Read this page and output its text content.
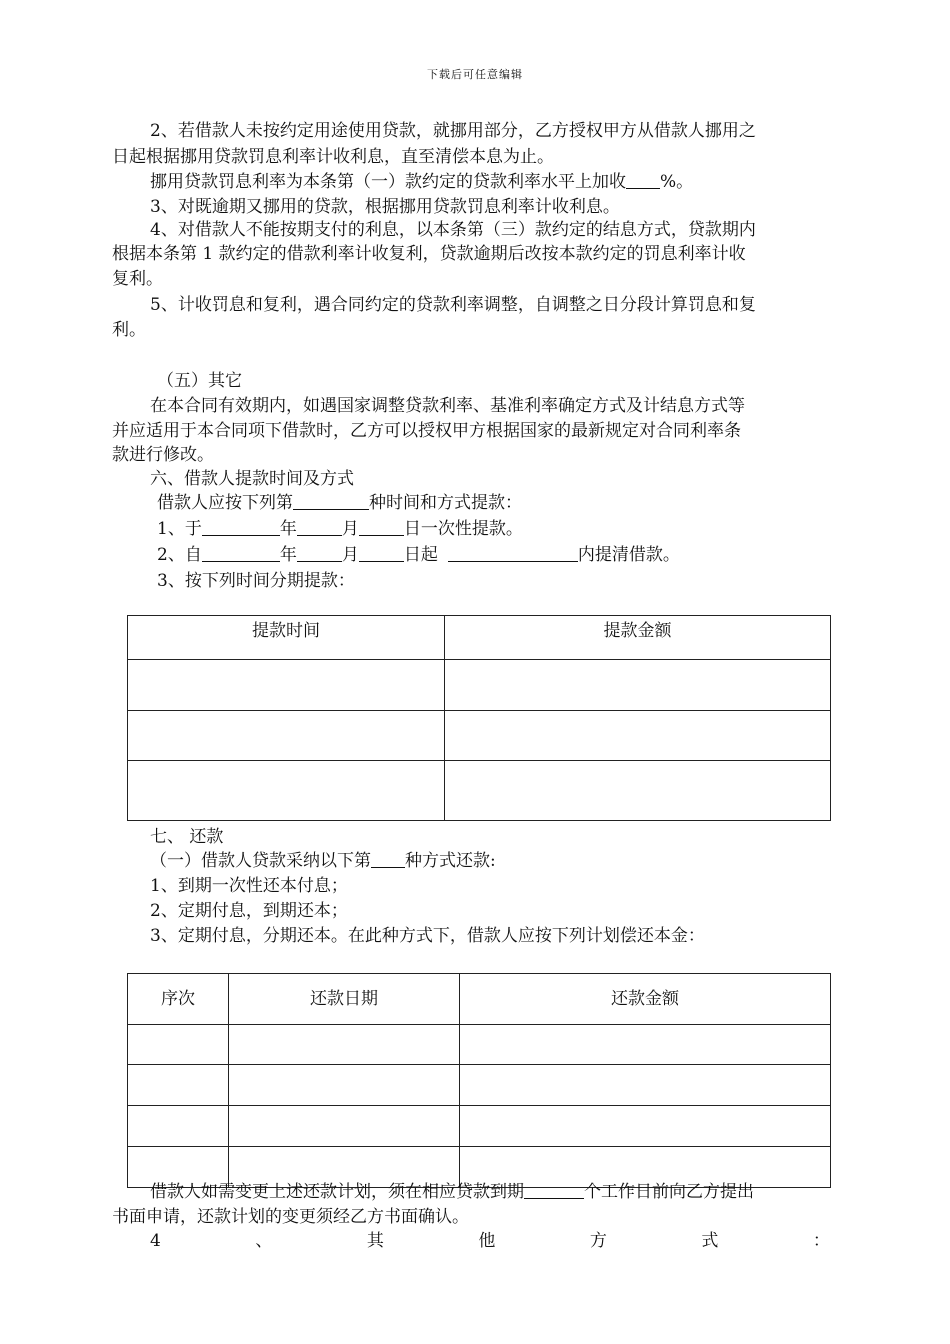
下载后可任意编辑
2、若借款人未按约定用途使用贷款，就挪用部分，乙方授权甲方从借款人挪用之
日起根据挪用贷款罚息利率计收利息，直至清偿本息为止。
挪用贷款罚息利率为本条第（一）款约定的贷款利率水平上加收 %。
3、对既逾期又挪用的贷款，根据挪用贷款罚息利率计收利息。
4、对借款人不能按期支付的利息，以本条第（三）款约定的结息方式，贷款期内
根据本条第 1 款约定的借款利率计收复利，贷款逾期后改按本款约定的罚息利率计收
复利。
5、计收罚息和复利，遇合同约定的贷款利率调整，自调整之日分段计算罚息和复
利。
（五）其它
在本合同有效期内，如遇国家调整贷款利率、基准利率确定方式及计结息方式等
并应适用于本合同项下借款时，乙方可以授权甲方根据国家的最新规定对合同利率条
款进行修改。
六、借款人提款时间及方式
借款人应按下列第	种时间和方式提款：
1、于	年	月	日一次性提款。
2、自	年	月	日起	内提清借款。
3、按下列时间分期提款：
提款时间	提款金额

七、 还款
（一）借款人贷款采纳以下第 种方式还款:
1、到期一次性还本付息；
2、定期付息，到期还本；
3、定期付息，分期还本。在此种方式下，借款人应按下列计划偿还本金：
序次	还款日期	还款金额

借款人如需变更上述还款计划，须在相应贷款到期	个工作日前向乙方提出
书面申请，还款计划的变更须经乙方书面确认。
4	、	其	他	方	式	：
